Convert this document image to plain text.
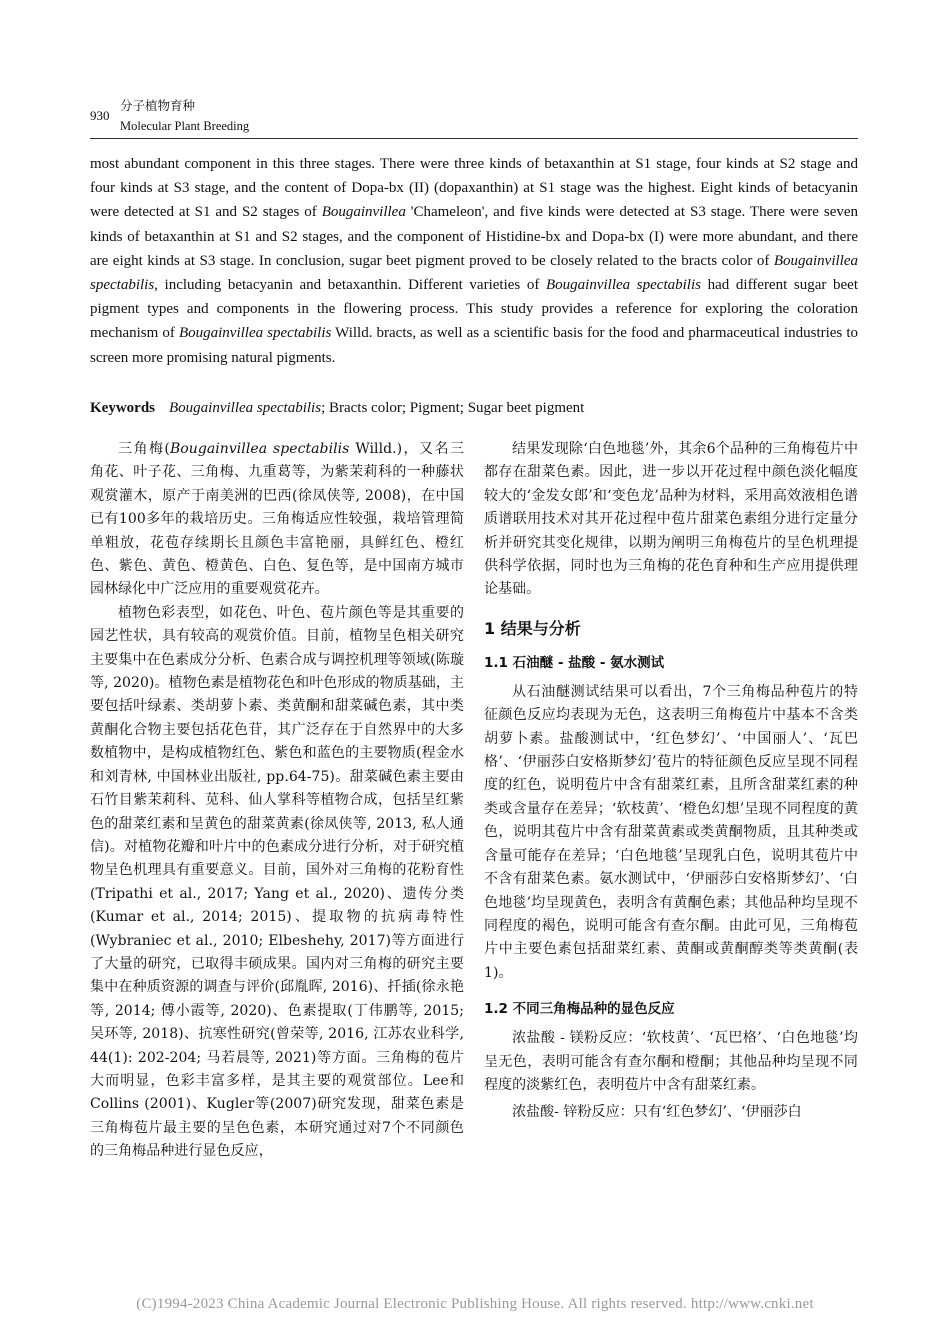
930
分子植物育种
Molecular Plant Breeding

most abundant component in this three stages. There were three kinds of betaxanthin at S1 stage, four kinds at S2 stage and four kinds at S3 stage, and the content of Dopa-bx (II) (dopaxanthin) at S1 stage was the highest. Eight kinds of betacyanin were detected at S1 and S2 stages of Bougainvillea 'Chameleon', and five kinds were detected at S3 stage. There were seven kinds of betaxanthin at S1 and S2 stages, and the component of Histidine-bx and Dopa-bx (I) were more abundant, and there are eight kinds at S3 stage. In conclusion, sugar beet pigment proved to be closely related to the bracts color of Bougainvillea spectabilis, including betacyanin and betaxanthin. Different varieties of Bougainvillea spectabilis had different sugar beet pigment types and components in the flowering process. This study provides a reference for exploring the coloration mechanism of Bougainvillea spectabilis Willd. bracts, as well as a scientific basis for the food and pharmaceutical industries to screen more promising natural pigments.

Keywords Bougainvillea spectabilis; Bracts color; Pigment; Sugar beet pigment

三角梅(Bougainvillea spectabilis Willd.)，又名三角花、叶子花、三角梅、九重葛等，为紫茉莉科的一种藤状观赏灌木，原产于南美洲的巴西(徐凤侠等, 2008)，在中国已有100多年的栽培历史。三角梅适应性较强，栽培管理简单粗放，花苞存续期长且颜色丰富艳丽，具鲜红色、橙红色、紫色、黄色、橙黄色、白色、复色等，是中国南方城市园林绿化中广泛应用的重要观赏花卉。

植物色彩表型，如花色、叶色、苞片颜色等是其重要的园艺性状，具有较高的观赏价值。目前，植物呈色相关研究主要集中在色素成分分析、色素合成与调控机理等领域(陈璇等, 2020)。植物色素是植物花色和叶色形成的物质基础，主要包括叶绿素、类胡萝卜素、类黄酮和甜菜碱色素，其中类黄酮化合物主要包括花色苷，其广泛存在于自然界中的大多数植物中，是构成植物红色、紫色和蓝色的主要物质(程金水和刘青林, 中国林业出版社, pp.64-75)。甜菜碱色素主要由石竹目紫茉莉科、苋科、仙人掌科等植物合成，包括呈红紫色的甜菜红素和呈黄色的甜菜黄素(徐凤侠等, 2013, 私人通信)。对植物花瓣和叶片中的色素成分进行分析，对于研究植物呈色机理具有重要意义。目前，国外对三角梅的花粉育性(Tripathi et al., 2017; Yang et al., 2020)、遗传分类(Kumar et al., 2014; 2015)、提取物的抗病毒特性(Wybraniec et al., 2010; Elbeshehy, 2017)等方面进行了大量的研究，已取得丰硕成果。国内对三角梅的研究主要集中在种质资源的调查与评价(邱胤晖, 2016)、扦插(徐永艳等, 2014; 傅小霞等, 2020)、色素提取(丁伟鹏等, 2015; 吴环等, 2018)、抗寒性研究(曾荣等, 2016, 江苏农业科学, 44(1): 202-204; 马若晨等, 2021)等方面。三角梅的苞片大而明显，色彩丰富多样，是其主要的观赏部位。Lee和Collins (2001)、Kugler等(2007)研究发现，甜菜色素是三角梅苞片最主要的呈色色素，本研究通过对7个不同颜色的三角梅品种进行显色反应，

结果发现除‘白色地毯’外，其余6个品种的三角梅苞片中都存在甜菜色素。因此，进一步以开花过程中颜色淡化幅度较大的‘金发女郎’和‘变色龙’品种为材料，采用高效液相色谱质谱联用技术对其开花过程中苞片甜菜色素组分进行定量分析并研究其变化规律，以期为阐明三角梅苞片的呈色机理提供科学依据，同时也为三角梅的花色育种和生产应用提供理论基础。

1 结果与分析
1.1 石油醚 - 盐酸 - 氨水测试

从石油醚测试结果可以看出，7个三角梅品种苞片的特征颜色反应均表现为无色，这表明三角梅苞片中基本不含类胡萝卜素。盐酸测试中，‘红色梦幻’、‘中国丽人’、‘瓦巴格’、‘伊丽莎白安格斯梦幻’苞片的特征颜色反应呈现不同程度的红色，说明苞片中含有甜菜红素，且所含甜菜红素的种类或含量存在差异；‘软枝黄’、‘橙色幻想’呈现不同程度的黄色，说明其苞片中含有甜菜黄素或类黄酮物质，且其种类或含量可能存在差异；‘白色地毯’呈现乳白色，说明其苞片中不含有甜菜色素。氨水测试中，‘伊丽莎白安格斯梦幻’、‘白色地毯’均呈现黄色，表明含有黄酮色素；其他品种均呈现不同程度的褐色，说明可能含有查尔酮。由此可见，三角梅苞片中主要色素包括甜菜红素、黄酮或黄酮醇类等类黄酮(表1)。

1.2 不同三角梅品种的显色反应

浓盐酸 - 镁粉反应：‘软枝黄’、‘瓦巴格’、‘白色地毯’均呈无色，表明可能含有查尔酮和橙酮；其他品种均呈现不同程度的淡紫红色，表明苞片中含有甜菜红素。

浓盐酸- 锌粉反应：只有‘红色梦幻’、‘伊丽莎白

(C)1994-2023 China Academic Journal Electronic Publishing House. All rights reserved. http://www.cnki.net
